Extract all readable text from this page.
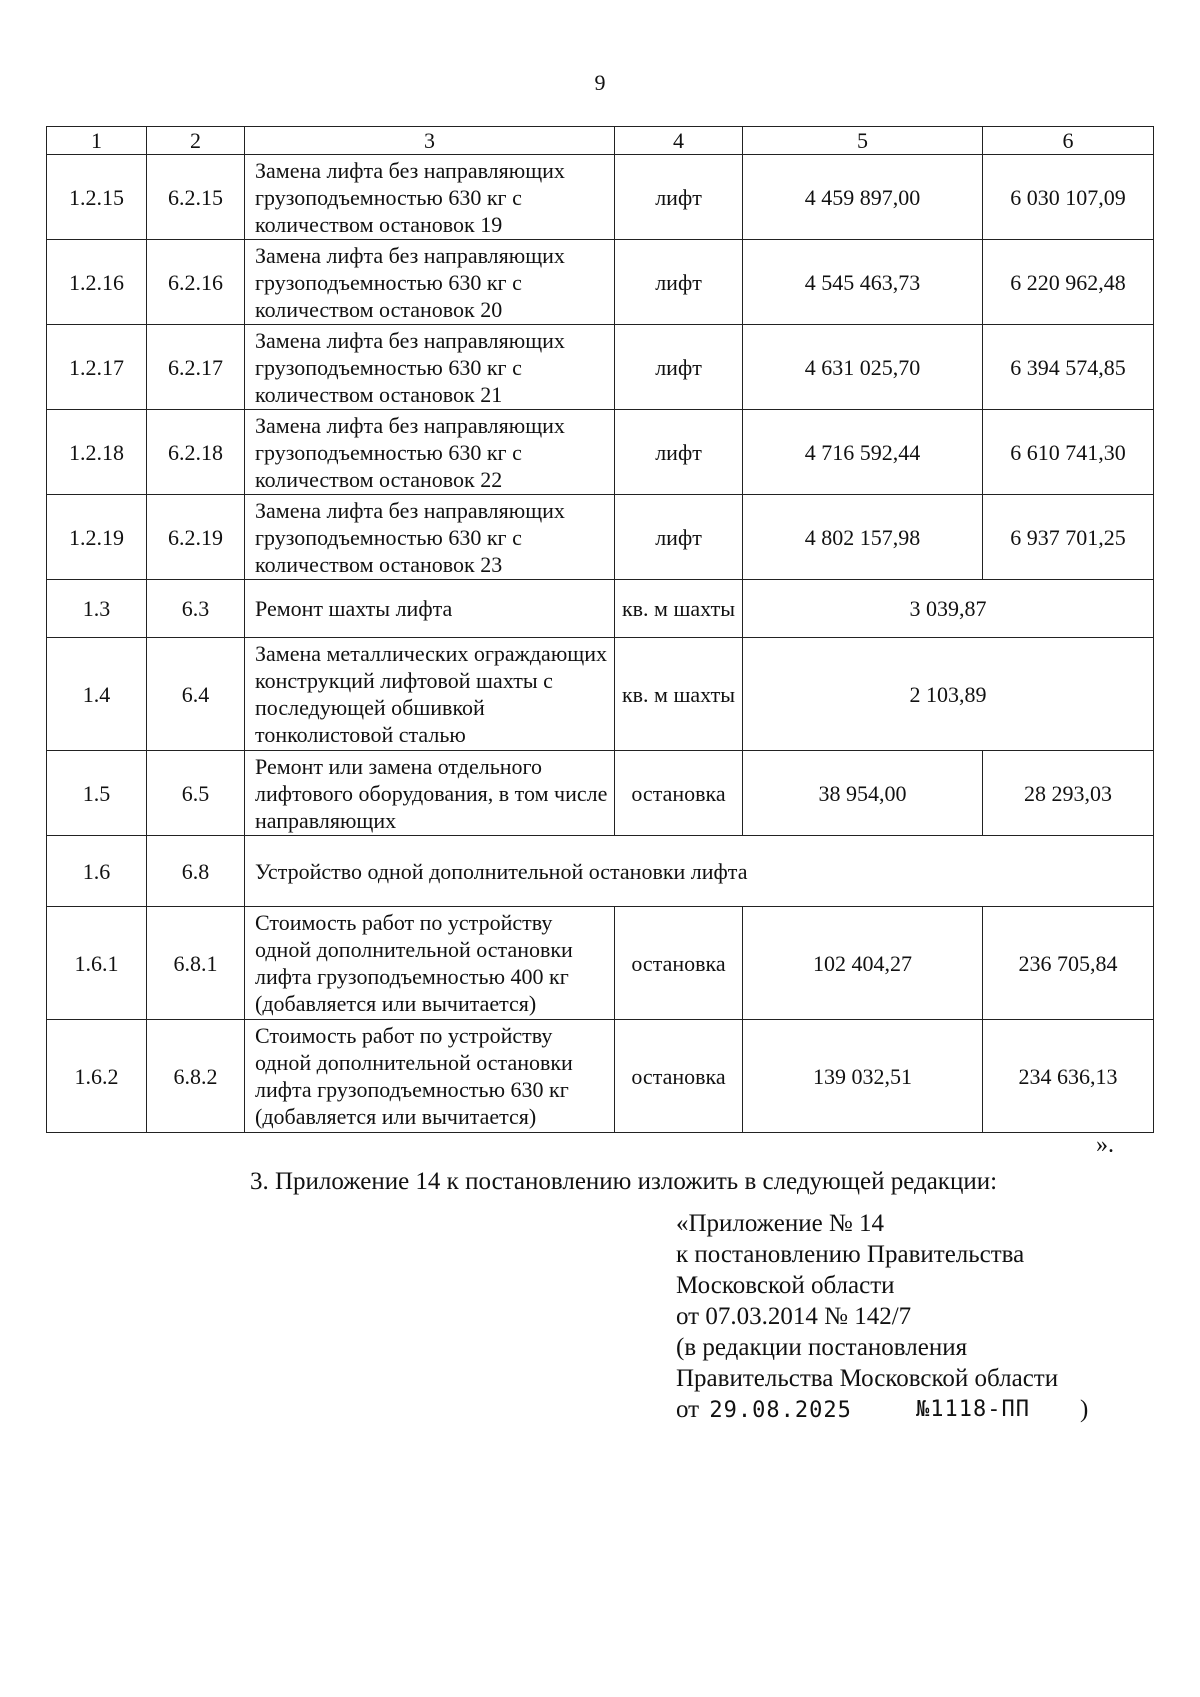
9
1	2	3	4	5	6
1.2.15	6.2.15	Замена лифта без направляющих грузоподъемностью 630 кг с количеством остановок 19	лифт	4 459 897,00	6 030 107,09
1.2.16	6.2.16	Замена лифта без направляющих грузоподъемностью 630 кг с количеством остановок 20	лифт	4 545 463,73	6 220 962,48
1.2.17	6.2.17	Замена лифта без направляющих грузоподъемностью 630 кг с количеством остановок 21	лифт	4 631 025,70	6 394 574,85
1.2.18	6.2.18	Замена лифта без направляющих грузоподъемностью 630 кг с количеством остановок 22	лифт	4 716 592,44	6 610 741,30
1.2.19	6.2.19	Замена лифта без направляющих грузоподъемностью 630 кг с количеством остановок 23	лифт	4 802 157,98	6 937 701,25
1.3	6.3	Ремонт шахты лифта	кв. м шахты	3 039,87	
1.4	6.4	Замена металлических ограждающих конструкций лифтовой шахты с последующей обшивкой тонколистовой сталью	кв. м шахты	2 103,89	
1.5	6.5	Ремонт или замена отдельного лифтового оборудования, в том числе направляющих	остановка	38 954,00	28 293,03
1.6	6.8	Устройство одной дополнительной остановки лифта			
1.6.1	6.8.1	Стоимость работ по устройству одной дополнительной остановки лифта грузоподъемностью 400 кг (добавляется или вычитается)	остановка	102 404,27	236 705,84
1.6.2	6.8.2	Стоимость работ по устройству одной дополнительной остановки лифта грузоподъемностью 630 кг (добавляется или вычитается)	остановка	139 032,51	234 636,13
».
3. Приложение 14 к постановлению изложить в следующей редакции:
«Приложение № 14
к постановлению Правительства
Московской области
от 07.03.2014 № 142/7
(в редакции постановления
Правительства Московской области
от 29.08.2025	№1118-ПП )
